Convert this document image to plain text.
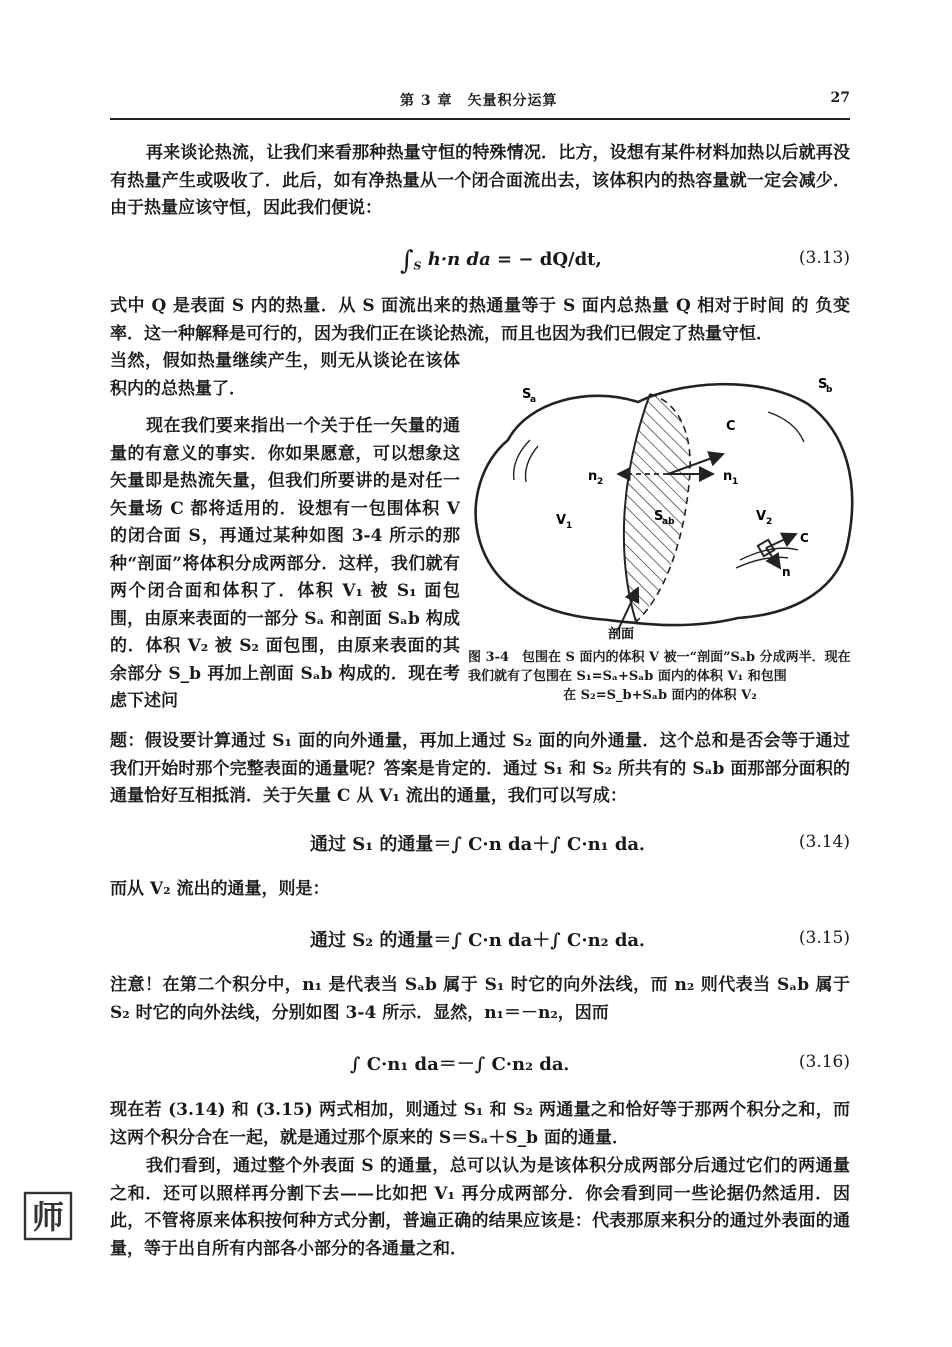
第 3 章　矢量积分运算	27
再来谈论热流，让我们来看那种热量守恒的特殊情况．比方，设想有某件材料加热以后就再没有热量产生或吸收了．此后，如有净热量从一个闭合面流出去，该体积内的热容量就一定会减少．由于热量应该守恒，因此我们便说：
$\int_S$ h·n da = − dQ/dt,	(3.13)
式中 Q 是表面 S 内的热量．从 S 面流出来的热通量等于 S 面内总热量 Q 相对于时间 的 负变率．这一种解释是可行的，因为我们正在谈论热流，而且也因为我们已假定了热量守恒．
当然，假如热量继续产生，则无从谈论在该体积内的总热量了．
现在我们要来指出一个关于任一矢量的通量的有意义的事实．你如果愿意，可以想象这矢量即是热流矢量，但我们所要讲的是对任一矢量场 C 都将适用的．设想有一包围体积 V 的闭合面 S，再通过某种如图 3-4 所示的那种“剖面”将体积分成两部分．这样，我们就有两个闭合面和体积了．体积 V₁ 被 S₁ 面包围，由原来表面的一部分 Sₐ 和剖面 Sₐb 构成的．体积 V₂ 被 S₂ 面包围，由原来表面的其余部分 S_b 再加上剖面 Sₐb 构成的．现在考虑下述问
S
a
S
b
C
n 1
n 2
V 1
V 2
S
ab
C
n
剖面
图 3-4　包围在 S 面内的体积 V 被一“剖面”Sₐb 分成两半．现在我们就有了包围在 S₁=Sₐ+Sₐb 面内的体积 V₁ 和包围
在 S₂=S_b+Sₐb 面内的体积 V₂
题：假设要计算通过 S₁ 面的向外通量，再加上通过 S₂ 面的向外通量．这个总和是否会等于通过我们开始时那个完整表面的通量呢？答案是肯定的．通过 S₁ 和 S₂ 所共有的 Sₐb 面那部分面积的通量恰好互相抵消．关于矢量 C 从 V₁ 流出的通量，我们可以写成：
通过 S₁ 的通量＝∫ C·n da＋∫ C·n₁ da．	(3.14)
而从 V₂ 流出的通量，则是：
通过 S₂ 的通量＝∫ C·n da＋∫ C·n₂ da．	(3.15)
注意！在第二个积分中，n₁ 是代表当 Sₐb 属于 S₁ 时它的向外法线，而 n₂ 则代表当 Sₐb 属于 S₂ 时它的向外法线，分别如图 3-4 所示．显然，n₁＝－n₂，因而
∫ C·n₁ da＝－∫ C·n₂ da．	(3.16)
现在若 (3.14) 和 (3.15) 两式相加，则通过 S₁ 和 S₂ 两通量之和恰好等于那两个积分之和，而这两个积分合在一起，就是通过那个原来的 S＝Sₐ＋S_b 面的通量．
我们看到，通过整个外表面 S 的通量，总可以认为是该体积分成两部分后通过它们的两通量之和．还可以照样再分割下去——比如把 V₁ 再分成两部分．你会看到同一些论据仍然适用．因此，不管将原来体积按何种方式分割，普遍正确的结果应该是：代表那原来积分的通过外表面的通量，等于出自所有内部各小部分的各通量之和．
师
